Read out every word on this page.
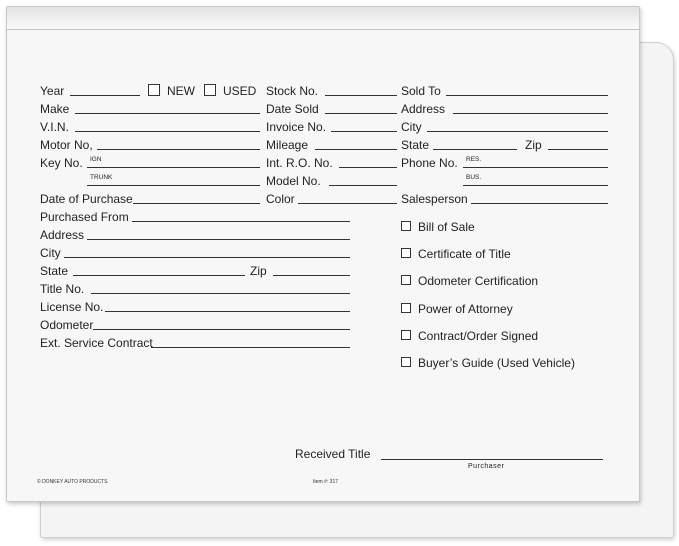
Year	NEW USED Stock No.	Sold To
Make	Date Sold	Address
V.I.N.	Invoice No.	City
Motor No,	Mileage	State	Zip
Key No. IGN	Int. R.O. No.	Phone No. RES.
TRUNK	Model No.	BUS.
Date of Purchase	Color	Salesperson
Purchased From
Address
City
State	Zip
Title No.
License No.
Odometer
Ext. Service Contract
Bill of Sale
Certificate of Title
Odometer Certification
Power of Attorney
Contract/Order Signed
Buyer’s Guide (Used Vehicle)
Received Title
Purchaser
© DONKEY AUTO PRODUCTS	Item #: 317
